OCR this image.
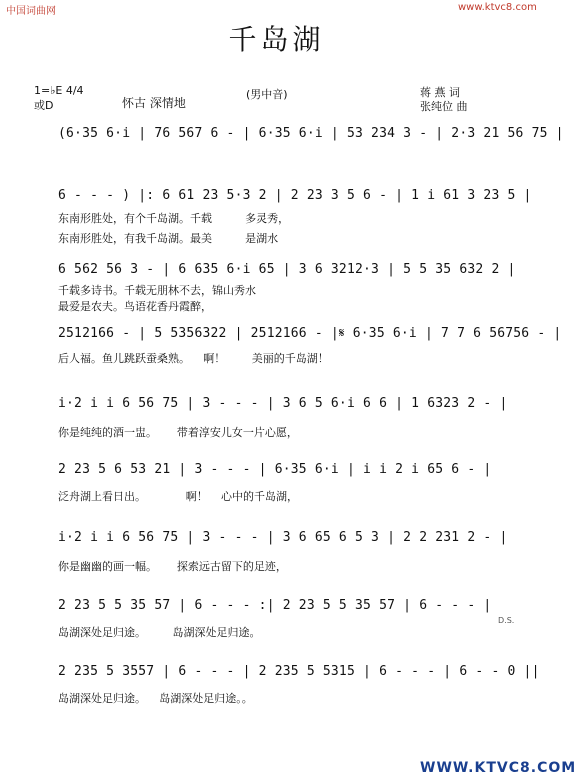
中国词曲网	www.ktvc8.com
千岛湖
1=♭E 4/4
或D	怀古 深情地
(男中音)	蒋 燕 词
张纯位 曲
(6·35 6·i | 76 567 6 - | 6·35 6·i | 53 234 3 - | 2·3 21 56 75 |
6 - - - ) |: 6 61 23 5·3 2 | 2 23 3 5 6 - | 1 i 61 3 23 5 |
东南形胜处，有个千岛湖。千载     多灵秀，
东南形胜处，有我千岛湖。最美     是湖水
6 562 56 3 - | 6 635 6·i 65 | 3 6 3212·3 | 5 5 35 632 2 |
千载多诗书。千载无朋林不去，锦山秀水
最爱是农夫。鸟语花香丹霞醉，
2512166 - | 5 5356322 | 2512166 - |𝄋 6·35 6·i | 7 7 6 56756 - |
后人福。鱼儿跳跃蚕桑熟。  啊！    美丽的千岛湖！
i·2 i i 6 56 75 | 3 - - - | 3 6 5 6·i 6 6 | 1 6323 2 - |
你是纯纯的酒一盅。   带着淳安儿女一片心愿，
2 23 5 6 53 21 | 3 - - - | 6·35 6·i | i i 2 i 65 6 - |
泛舟湖上看日出。      啊！  心中的千岛湖，
i·2 i i 6 56 75 | 3 - - - | 3 6 65 6 5 3 | 2 2 231 2 - |
你是幽幽的画一幅。   探索远古留下的足迹，
2 23 5 5 35 57 | 6 - - - :| 2 23 5 5 35 57 | 6 - - - |
岛湖深处足归途。    岛湖深处足归途。
D.S.
2 235 5 3557 | 6 - - - | 2 235 5 5315 | 6 - - - | 6 - - 0 ||
岛湖深处足归途。  岛湖深处足归途。。
WWW.KTVC8.COM
